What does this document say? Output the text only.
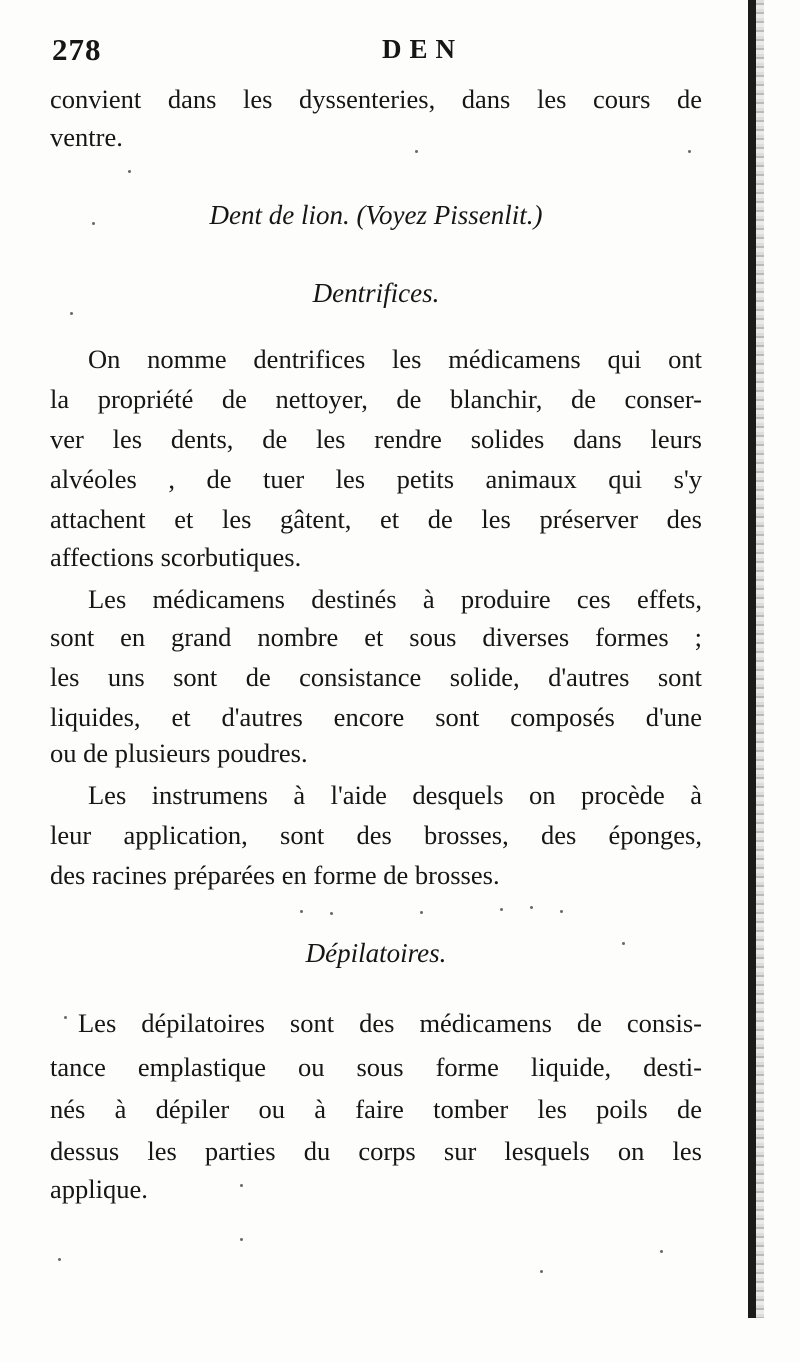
278	DEN

convient dans les dyssenteries, dans les cours de

ventre.

Dent de lion. (Voyez Pissenlit.)

Dentrifices.

On nomme dentrifices les médicamens qui ont

la propriété de nettoyer, de blanchir, de conser-

ver les dents, de les rendre solides dans leurs

alvéoles , de tuer les petits animaux qui s'y

attachent et les gâtent, et de les préserver des

affections scorbutiques.

Les médicamens destinés à produire ces effets,

sont en grand nombre et sous diverses formes ;

les uns sont de consistance solide, d'autres sont

liquides, et d'autres encore sont composés d'une

ou de plusieurs poudres.

Les instrumens à l'aide desquels on procède à

leur application, sont des brosses, des éponges,

des racines préparées en forme de brosses.

Dépilatoires.

Les dépilatoires sont des médicamens de consis-

tance emplastique ou sous forme liquide, desti-

nés à dépiler ou à faire tomber les poils de

dessus les parties du corps sur lesquels on les

applique.
